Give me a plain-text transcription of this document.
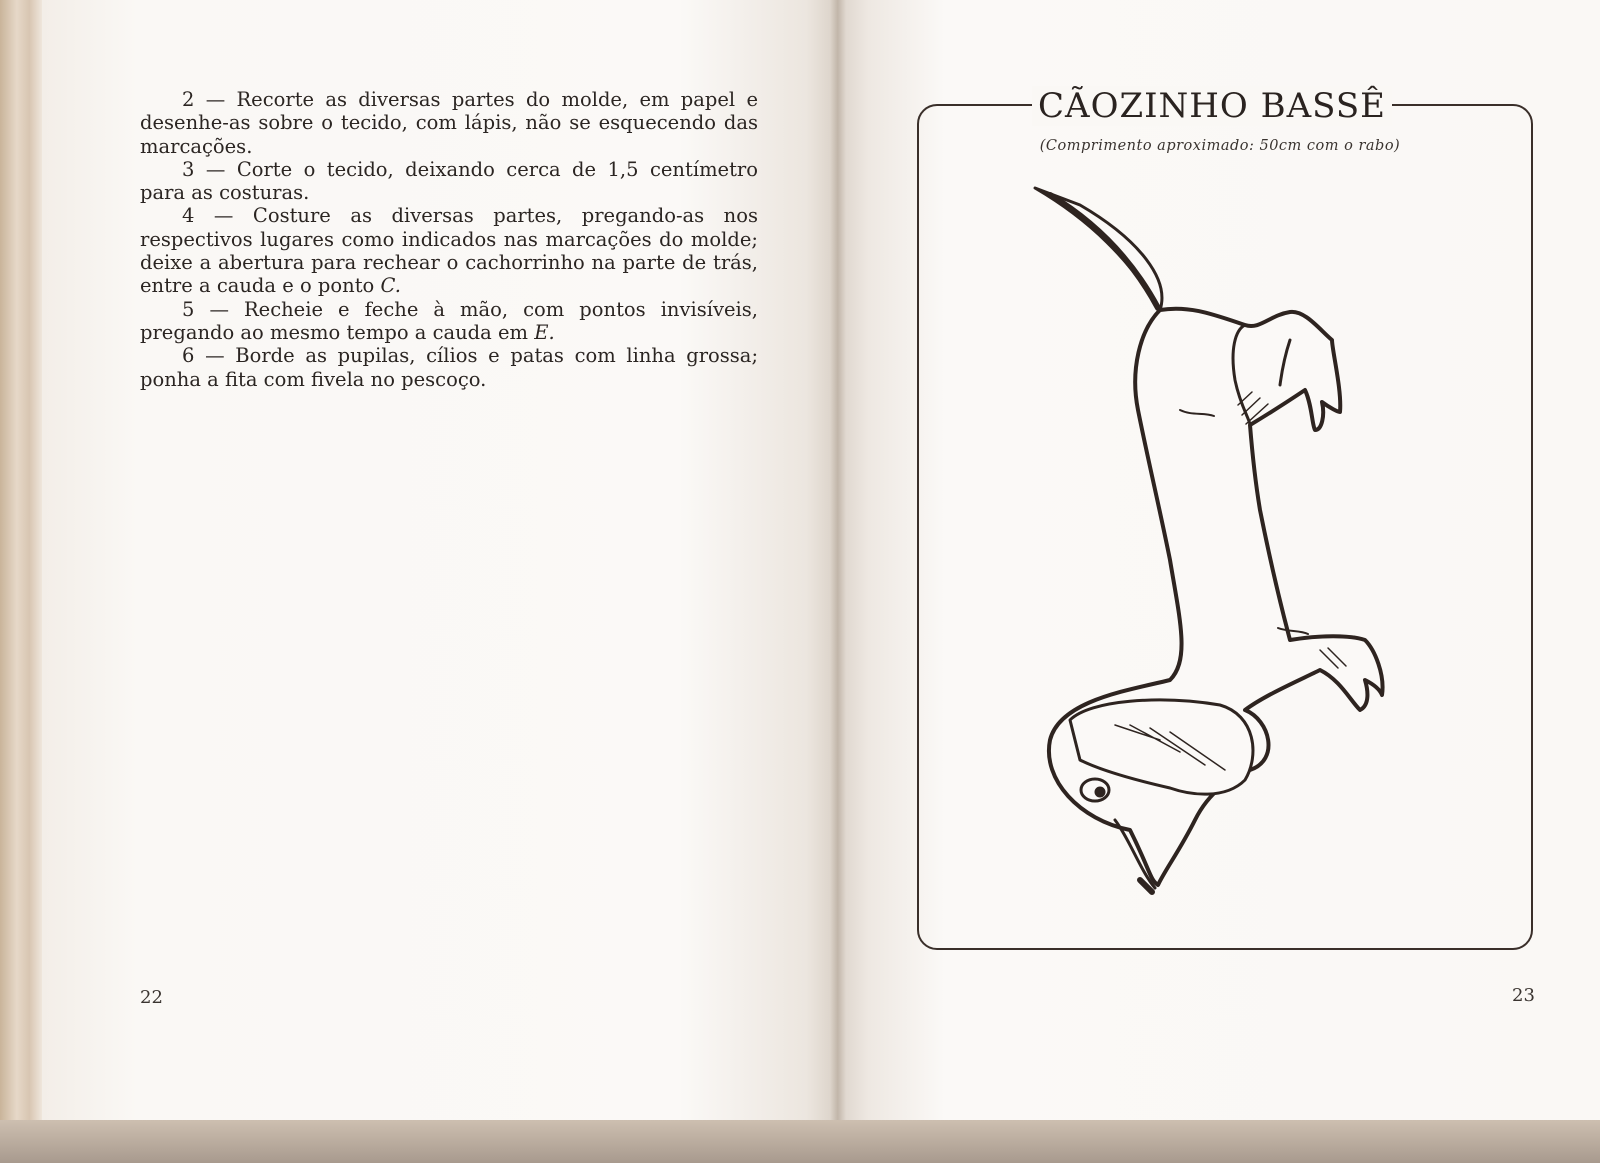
2 — Recorte as diversas partes do molde, em papel e desenhe-as sobre o tecido, com lápis, não se esquecendo das marcações.

3 — Corte o tecido, deixando cerca de 1,5 centímetro para as costuras.

4 — Costure as diversas partes, pregando-as nos respectivos lugares como indicados nas marcações do molde; deixe a abertura para rechear o cachorrinho na parte de trás, entre a cauda e o ponto C.

5 — Recheie e feche à mão, com pontos invisíveis, pregando ao mesmo tempo a cauda em E.

6 — Borde as pupilas, cílios e patas com linha grossa; ponha a fita com fivela no pescoço.

22	23
CÃOZINHO BASSÊ
(Comprimento aproximado: 50cm com o rabo)
